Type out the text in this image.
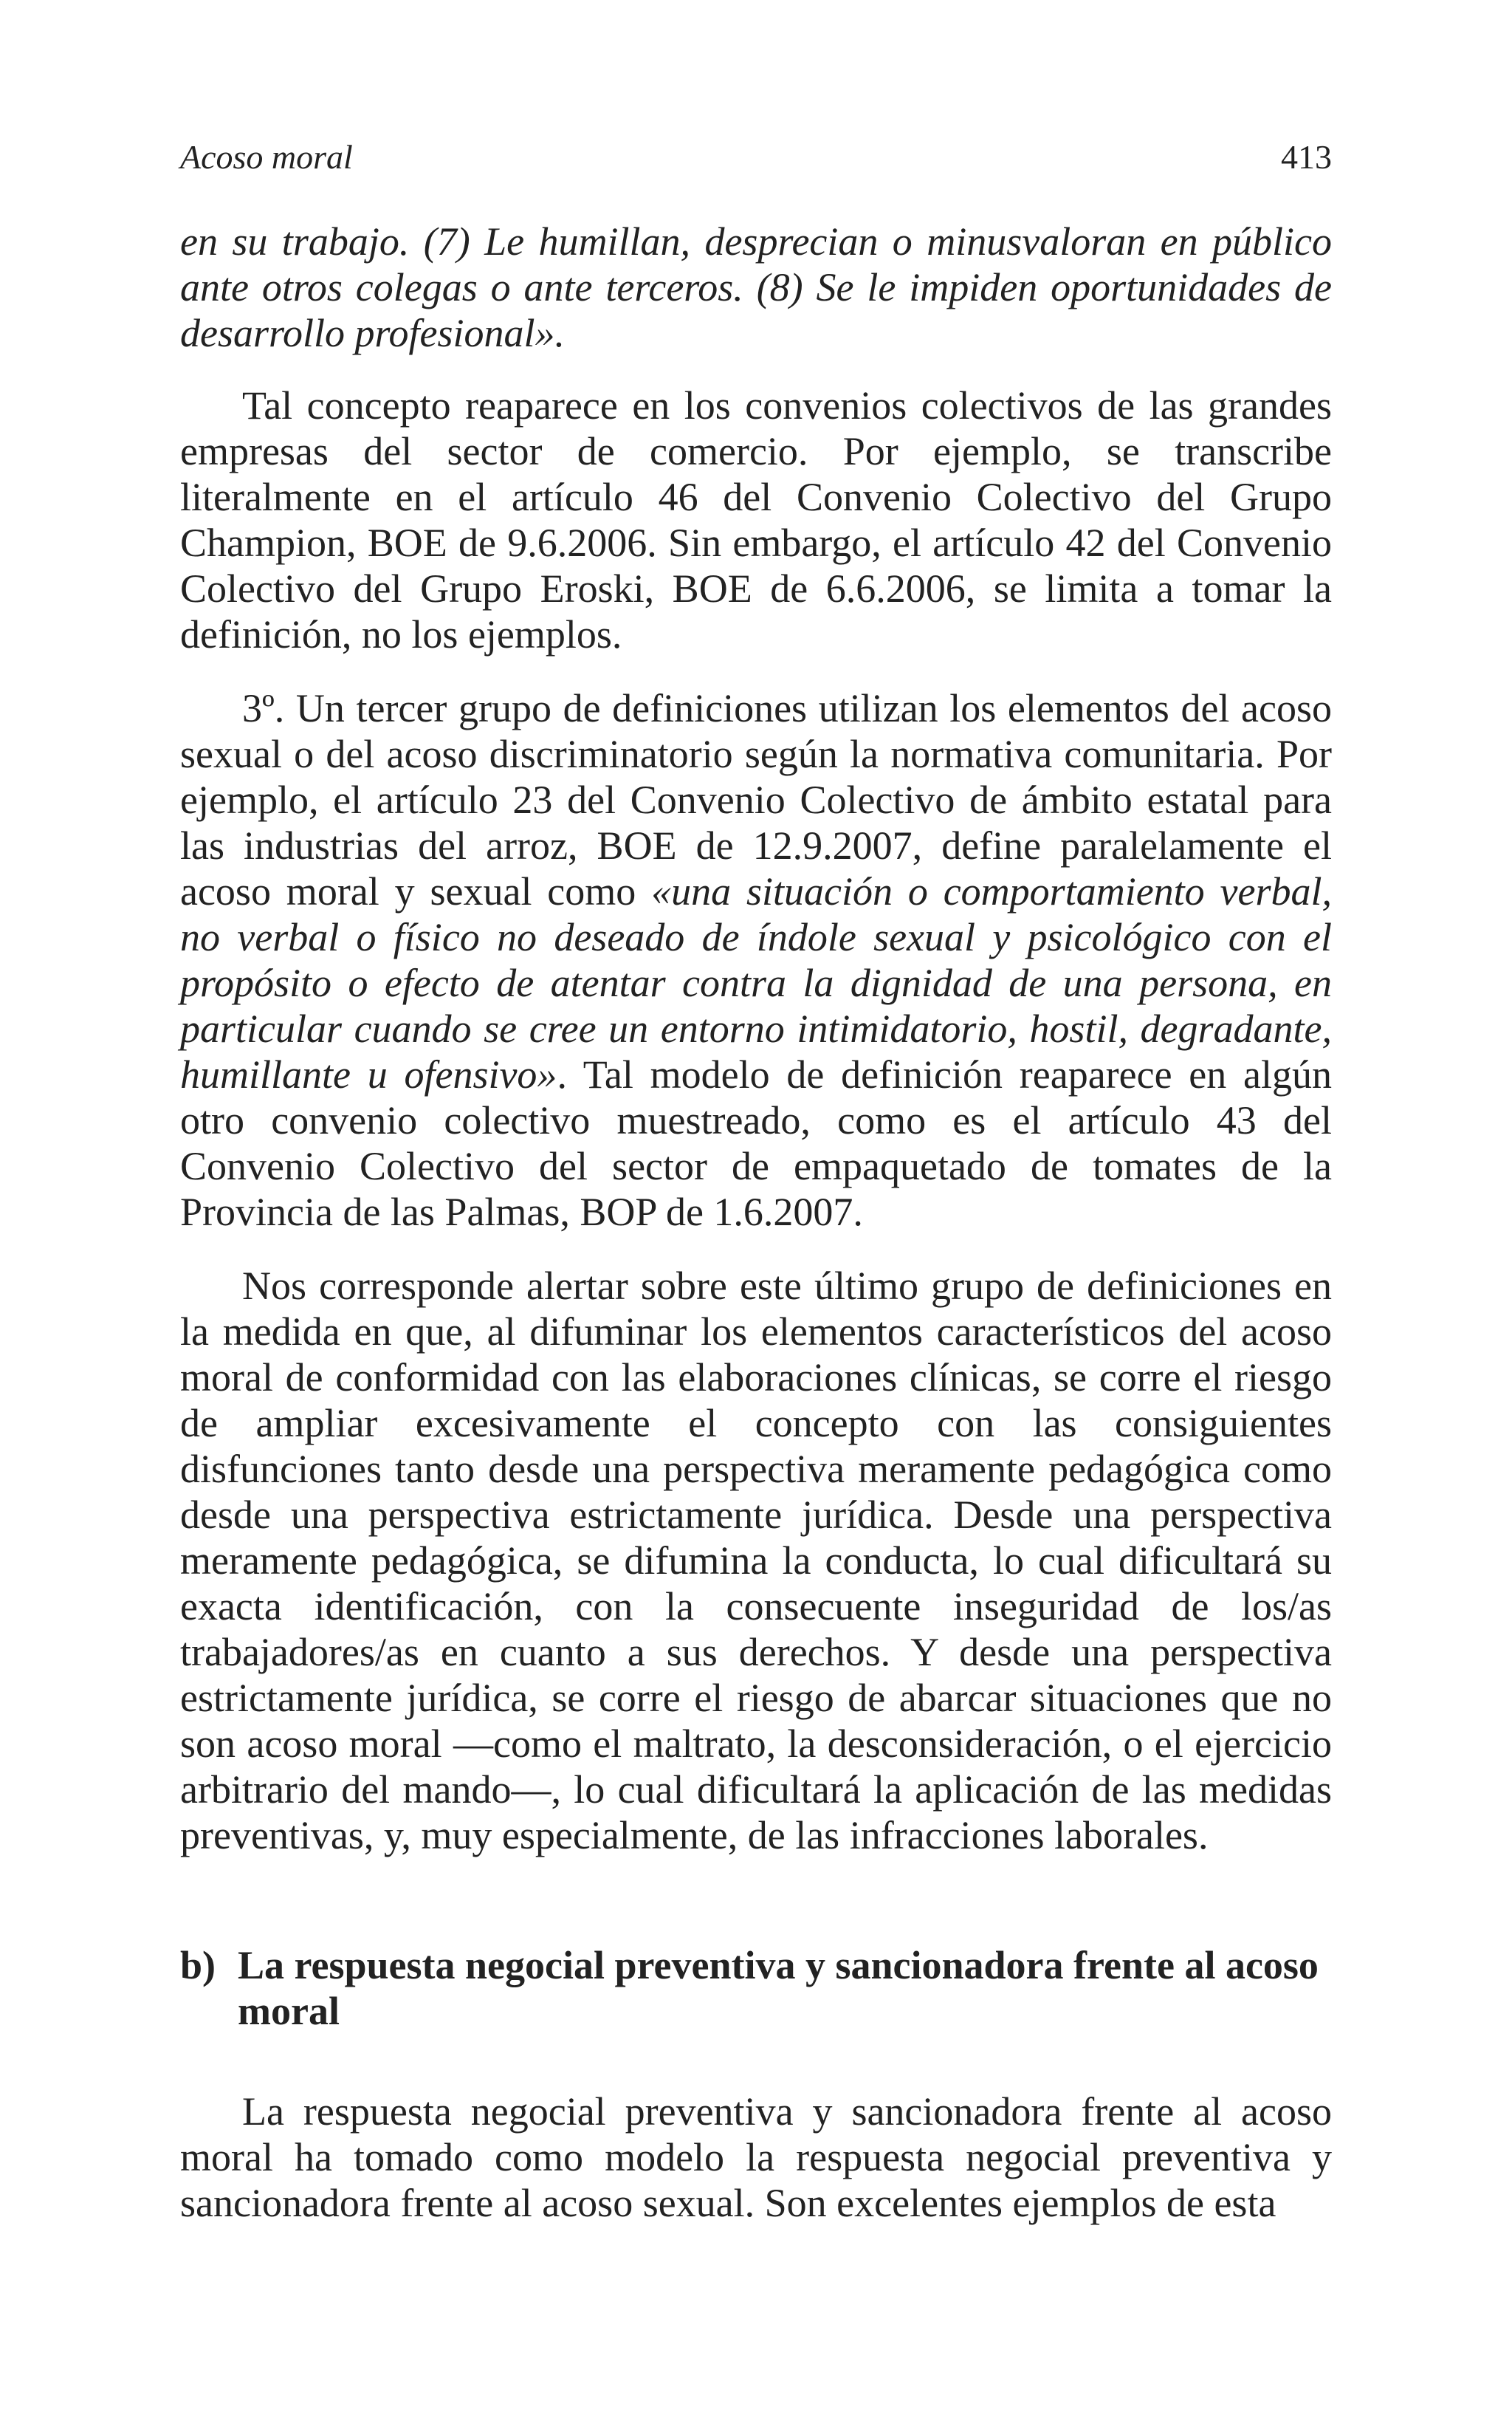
Acoso moral	413

en su trabajo. (7) Le humillan, desprecian o minusvaloran en público ante otros colegas o ante terceros. (8) Se le impiden oportunidades de desarrollo profesional».

Tal concepto reaparece en los convenios colectivos de las grandes empresas del sector de comercio. Por ejemplo, se transcribe literalmente en el artículo 46 del Convenio Colectivo del Grupo Champion, BOE de 9.6.2006. Sin embargo, el artículo 42 del Convenio Colectivo del Grupo Eroski, BOE de 6.6.2006, se limita a tomar la definición, no los ejemplos.

3º. Un tercer grupo de definiciones utilizan los elementos del acoso sexual o del acoso discriminatorio según la normativa comunitaria. Por ejemplo, el artículo 23 del Convenio Colectivo de ámbito estatal para las industrias del arroz, BOE de 12.9.2007, define paralelamente el acoso moral y sexual como «una situación o comportamiento verbal, no verbal o físico no deseado de índole sexual y psicológico con el propósito o efecto de atentar contra la dignidad de una persona, en particular cuando se cree un entorno intimidatorio, hostil, degradante, humillante u ofensivo». Tal modelo de definición reaparece en algún otro convenio colectivo muestreado, como es el artículo 43 del Convenio Colectivo del sector de empaquetado de tomates de la Provincia de las Palmas, BOP de 1.6.2007.

Nos corresponde alertar sobre este último grupo de definiciones en la medida en que, al difuminar los elementos característicos del acoso moral de conformidad con las elaboraciones clínicas, se corre el riesgo de ampliar excesivamente el concepto con las consiguientes disfunciones tanto desde una perspectiva meramente pedagógica como desde una perspectiva estrictamente jurídica. Desde una perspectiva meramente pedagógica, se difumina la conducta, lo cual dificultará su exacta identificación, con la consecuente inseguridad de los/as trabajadores/as en cuanto a sus derechos. Y desde una perspectiva estrictamente jurídica, se corre el riesgo de abarcar situaciones que no son acoso moral —como el maltrato, la desconsideración, o el ejercicio arbitrario del mando—, lo cual dificultará la aplicación de las medidas preventivas, y, muy especialmente, de las infracciones laborales.

b) La respuesta negocial preventiva y sancionadora frente al acoso moral

La respuesta negocial preventiva y sancionadora frente al acoso moral ha tomado como modelo la respuesta negocial preventiva y sancionadora frente al acoso sexual. Son excelentes ejemplos de esta
